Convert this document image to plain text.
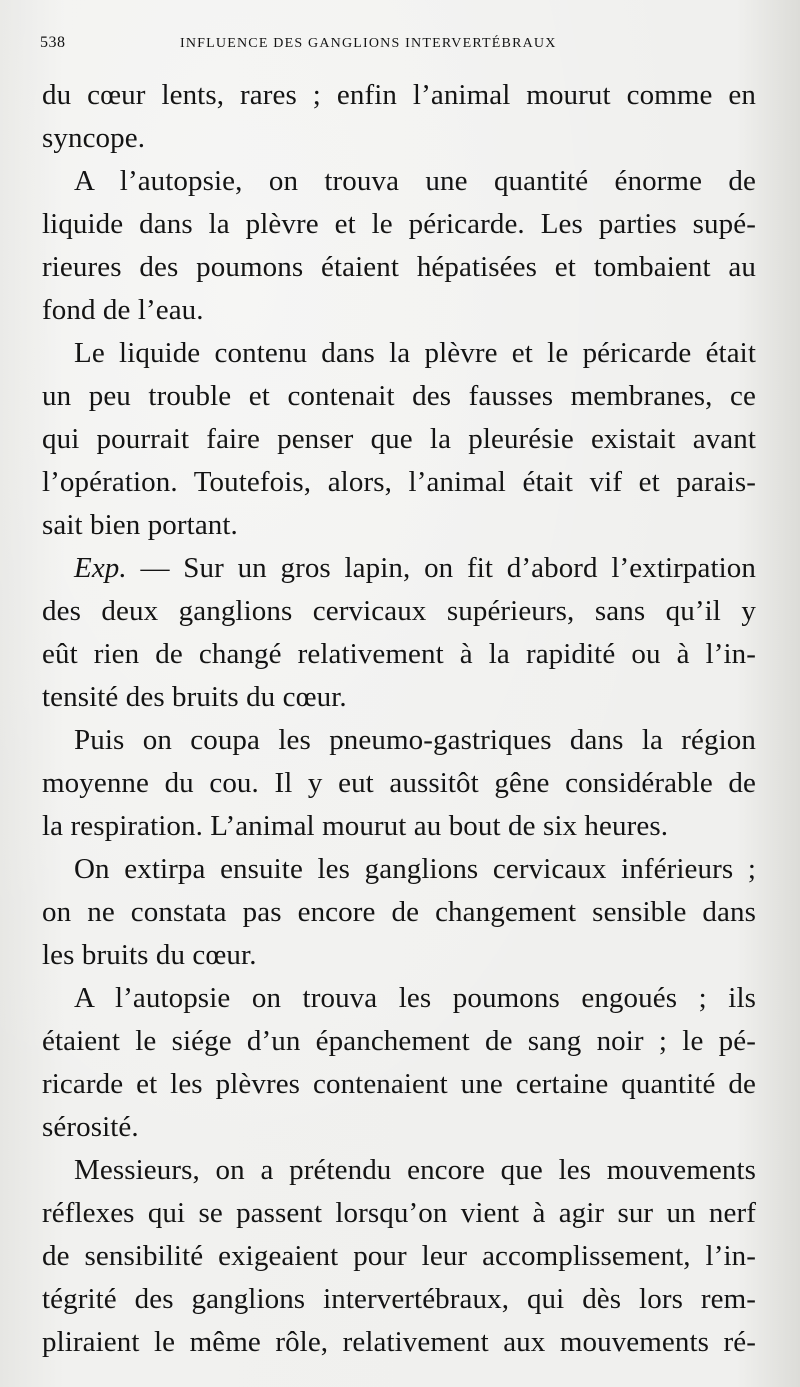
538	INFLUENCE DES GANGLIONS INTERVERTÉBRAUX
du cœur lents, rares ; enfin l’animal mourut comme en
syncope.
A l’autopsie, on trouva une quantité énorme de
liquide dans la plèvre et le péricarde. Les parties supé-
rieures des poumons étaient hépatisées et tombaient au
fond de l’eau.
Le liquide contenu dans la plèvre et le péricarde était
un peu trouble et contenait des fausses membranes, ce
qui pourrait faire penser que la pleurésie existait avant
l’opération. Toutefois, alors, l’animal était vif et parais-
sait bien portant.
Exp. — Sur un gros lapin, on fit d’abord l’extirpation
des deux ganglions cervicaux supérieurs, sans qu’il y
eût rien de changé relativement à la rapidité ou à l’in-
tensité des bruits du cœur.
Puis on coupa les pneumo-gastriques dans la région
moyenne du cou. Il y eut aussitôt gêne considérable de
la respiration. L’animal mourut au bout de six heures.
On extirpa ensuite les ganglions cervicaux inférieurs ;
on ne constata pas encore de changement sensible dans
les bruits du cœur.
A l’autopsie on trouva les poumons engoués ; ils
étaient le siége d’un épanchement de sang noir ; le pé-
ricarde et les plèvres contenaient une certaine quantité de
sérosité.
Messieurs, on a prétendu encore que les mouvements
réflexes qui se passent lorsqu’on vient à agir sur un nerf
de sensibilité exigeaient pour leur accomplissement, l’in-
tégrité des ganglions intervertébraux, qui dès lors rem-
pliraient le même rôle, relativement aux mouvements ré-
